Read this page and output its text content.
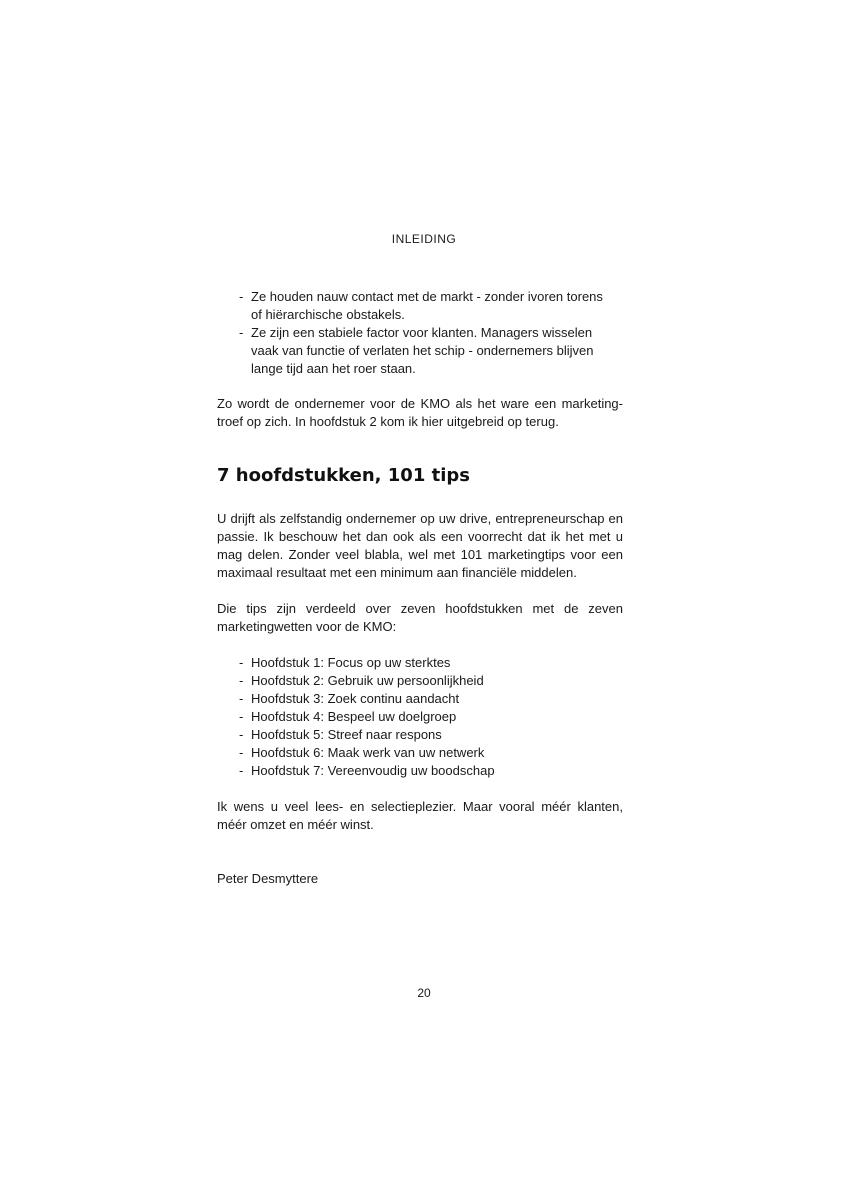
INLEIDING
- Ze houden nauw contact met de markt - zonder ivoren torens
of hiërarchische obstakels.
- Ze zijn een stabiele factor voor klanten. Managers wisselen
vaak van functie of verlaten het schip - ondernemers blijven
lange tijd aan het roer staan.

Zo wordt de ondernemer voor de KMO als het ware een marketing-troef op zich. In hoofdstuk 2 kom ik hier uitgebreid op terug.

7 hoofdstukken, 101 tips

U drijft als zelfstandig ondernemer op uw drive, entrepreneurschap en passie. Ik beschouw het dan ook als een voorrecht dat ik het met u mag delen. Zonder veel blabla, wel met 101 marketingtips voor een maximaal resultaat met een minimum aan financiële middelen.

Die tips zijn verdeeld over zeven hoofdstukken met de zeven marketingwetten voor de KMO:

- Hoofdstuk 1: Focus op uw sterktes
- Hoofdstuk 2: Gebruik uw persoonlijkheid
- Hoofdstuk 3: Zoek continu aandacht
- Hoofdstuk 4: Bespeel uw doelgroep
- Hoofdstuk 5: Streef naar respons
- Hoofdstuk 6: Maak werk van uw netwerk
- Hoofdstuk 7: Vereenvoudig uw boodschap

Ik wens u veel lees- en selectieplezier. Maar vooral méér klanten, méér omzet en méér winst.

Peter Desmyttere

20
